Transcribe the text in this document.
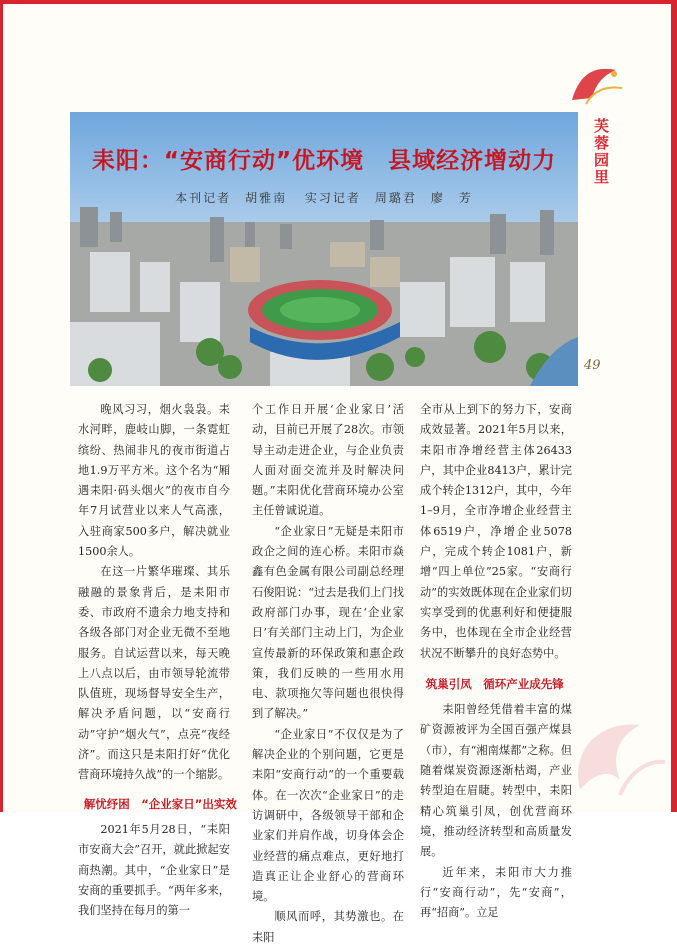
芙蓉园里
49
耒阳：“安商行动”优环境　县域经济增动力
本刊记者　胡雅南 实习记者　周璐君　廖　芳

晚风习习，烟火袅袅。耒水河畔，鹿岐山脚，一条霓虹缤纷、热闹非凡的夜市街道占地1.9万平方米。这个名为“厢遇耒阳·码头烟火”的夜市自今年7月试营业以来人气高涨，入驻商家500多户，解决就业1500余人。

在这一片繁华璀璨、其乐融融的景象背后，是耒阳市委、市政府不遗余力地支持和各级各部门对企业无微不至地服务。自试运营以来，每天晚上八点以后，由市领导轮流带队值班，现场督导安全生产，解决矛盾问题，以“安商行动”守护“烟火气”，点亮“夜经济”。而这只是耒阳打好“优化营商环境持久战”的一个缩影。

解忧纾困　“企业家日”出实效

2021年5月28日，“耒阳市安商大会”召开，就此掀起安商热潮。其中，“企业家日”是安商的重要抓手。“两年多来，我们坚持在每月的第一

个工作日开展‘企业家日’活动，目前已开展了28次。市领导主动走进企业，与企业负责人面对面交流并及时解决问题。”耒阳优化营商环境办公室主任曾诚说道。

“企业家日”无疑是耒阳市政企之间的连心桥。耒阳市焱鑫有色金属有限公司副总经理石俊阳说：“过去是我们上门找政府部门办事，现在‘企业家日’有关部门主动上门，为企业宣传最新的环保政策和惠企政策，我们反映的一些用水用电、款项拖欠等问题也很快得到了解决。”

“企业家日”不仅仅是为了解决企业的个别问题，它更是耒阳“安商行动”的一个重要载体。在一次次“企业家日”的走访调研中，各级领导干部和企业家们并肩作战，切身体会企业经营的痛点难点，更好地打造真正让企业舒心的营商环境。

顺风而呼，其势激也。在耒阳

全市从上到下的努力下，安商成效显著。2021年5月以来，耒阳市净增经营主体26433户，其中企业8413户，累计完成个转企1312户，其中，今年1–9月，全市净增企业经营主体6519户，净增企业5078户，完成个转企1081户，新增“四上单位”25家。“安商行动”的实效既体现在企业家们切实享受到的优惠利好和便捷服务中，也体现在全市企业经营状况不断攀升的良好态势中。

筑巢引凤　循环产业成先锋

耒阳曾经凭借着丰富的煤矿资源被评为全国百强产煤县（市），有“湘南煤都”之称。但随着煤炭资源逐渐枯竭，产业转型迫在眉睫。转型中，耒阳精心筑巢引凤，创优营商环境，推动经济转型和高质量发展。

近年来，耒阳市大力推行“安商行动”，先“安商”，再“招商”。立足
